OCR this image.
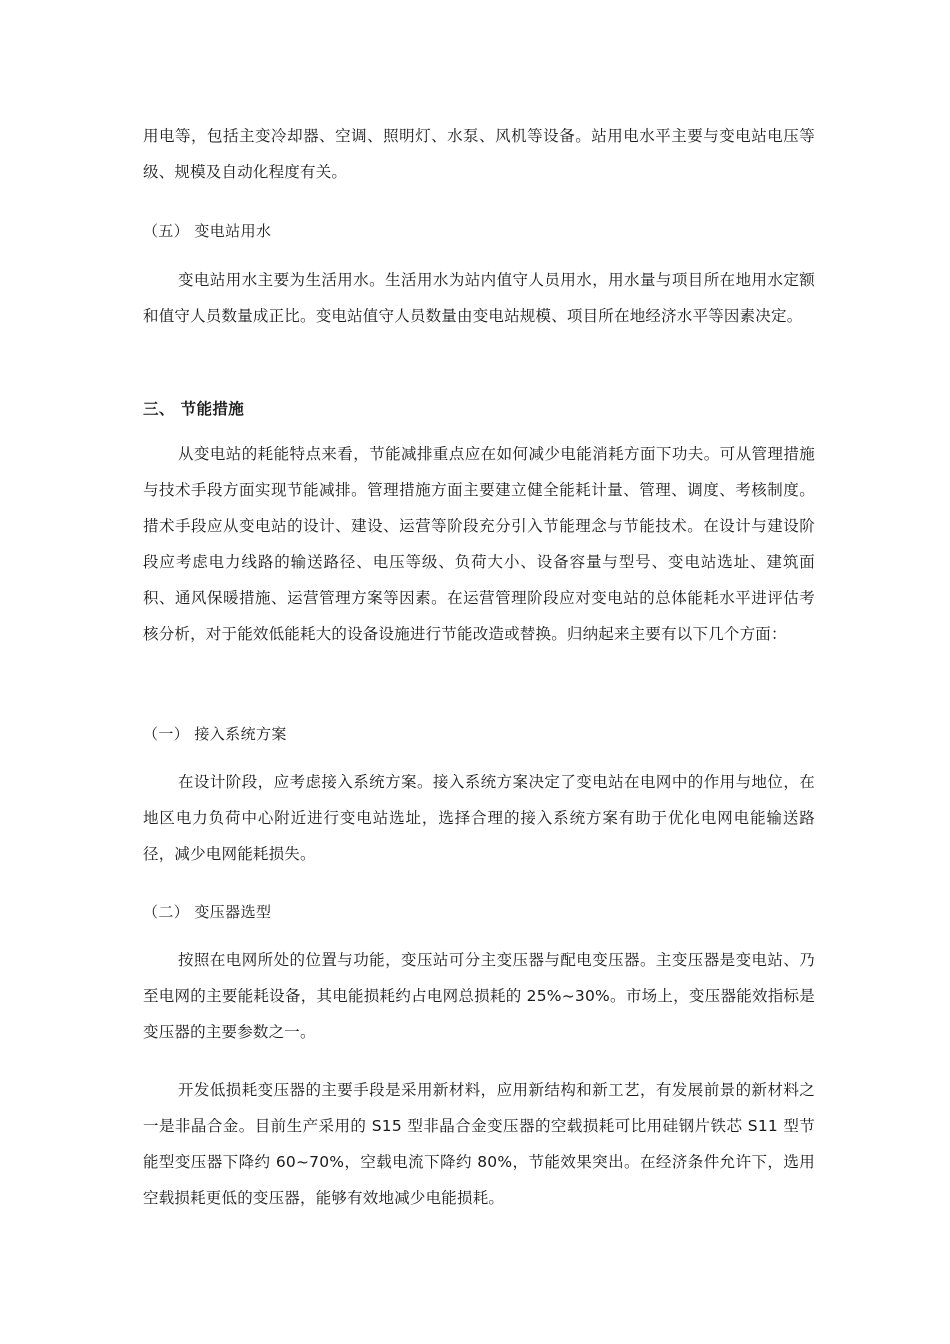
用电等，包括主变冷却器、空调、照明灯、水泵、风机等设备。站用电水平主要与变电站电压等级、规模及自动化程度有关。

（五） 变电站用水

变电站用水主要为生活用水。生活用水为站内值守人员用水，用水量与项目所在地用水定额和值守人员数量成正比。变电站值守人员数量由变电站规模、项目所在地经济水平等因素决定。

三、 节能措施

从变电站的耗能特点来看，节能减排重点应在如何减少电能消耗方面下功夫。可从管理措施与技术手段方面实现节能减排。管理措施方面主要建立健全能耗计量、管理、调度、考核制度。措术手段应从变电站的设计、建设、运营等阶段充分引入节能理念与节能技术。在设计与建设阶段应考虑电力线路的输送路径、电压等级、负荷大小、设备容量与型号、变电站选址、建筑面积、通风保暖措施、运营管理方案等因素。在运营管理阶段应对变电站的总体能耗水平进评估考核分析，对于能效低能耗大的设备设施进行节能改造或替换。归纳起来主要有以下几个方面：

（一） 接入系统方案

在设计阶段，应考虑接入系统方案。接入系统方案决定了变电站在电网中的作用与地位，在地区电力负荷中心附近进行变电站选址，选择合理的接入系统方案有助于优化电网电能输送路径，减少电网能耗损失。

（二） 变压器选型

按照在电网所处的位置与功能，变压站可分主变压器与配电变压器。主变压器是变电站、乃至电网的主要能耗设备，其电能损耗约占电网总损耗的 25%~30%。市场上，变压器能效指标是变压器的主要参数之一。

开发低损耗变压器的主要手段是采用新材料，应用新结构和新工艺，有发展前景的新材料之一是非晶合金。目前生产采用的 S15 型非晶合金变压器的空载损耗可比用硅钢片铁芯 S11 型节能型变压器下降约 60~70%，空载电流下降约 80%，节能效果突出。在经济条件允许下，选用空载损耗更低的变压器，能够有效地减少电能损耗。
